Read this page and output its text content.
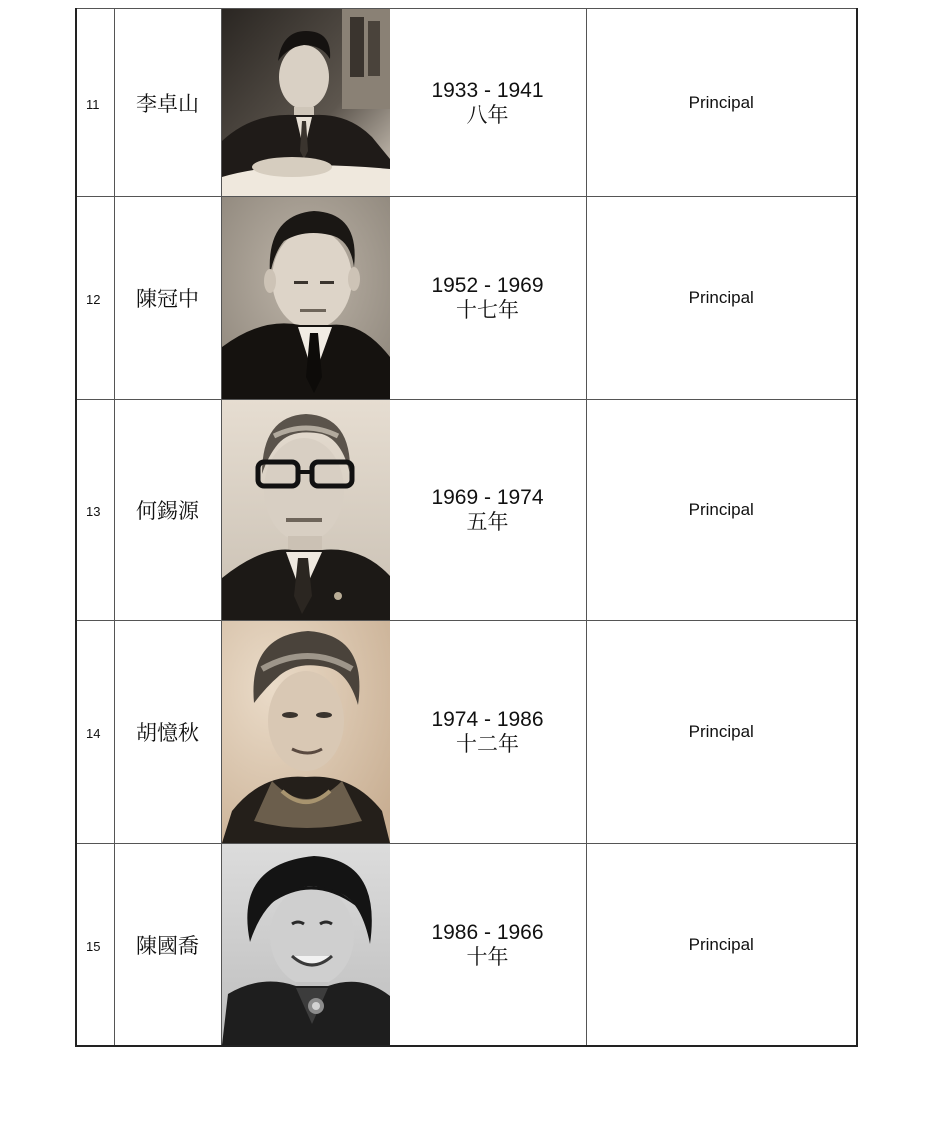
11	李卓山		1933 - 1941
八年	Principal

12	陳冠中		1952 - 1969
十七年	Principal

13	何錫源		1969 - 1974
五年	Principal

14	胡憶秋		1974 - 1986
十二年	Principal

15	陳國喬		1986 - 1966
十年	Principal
